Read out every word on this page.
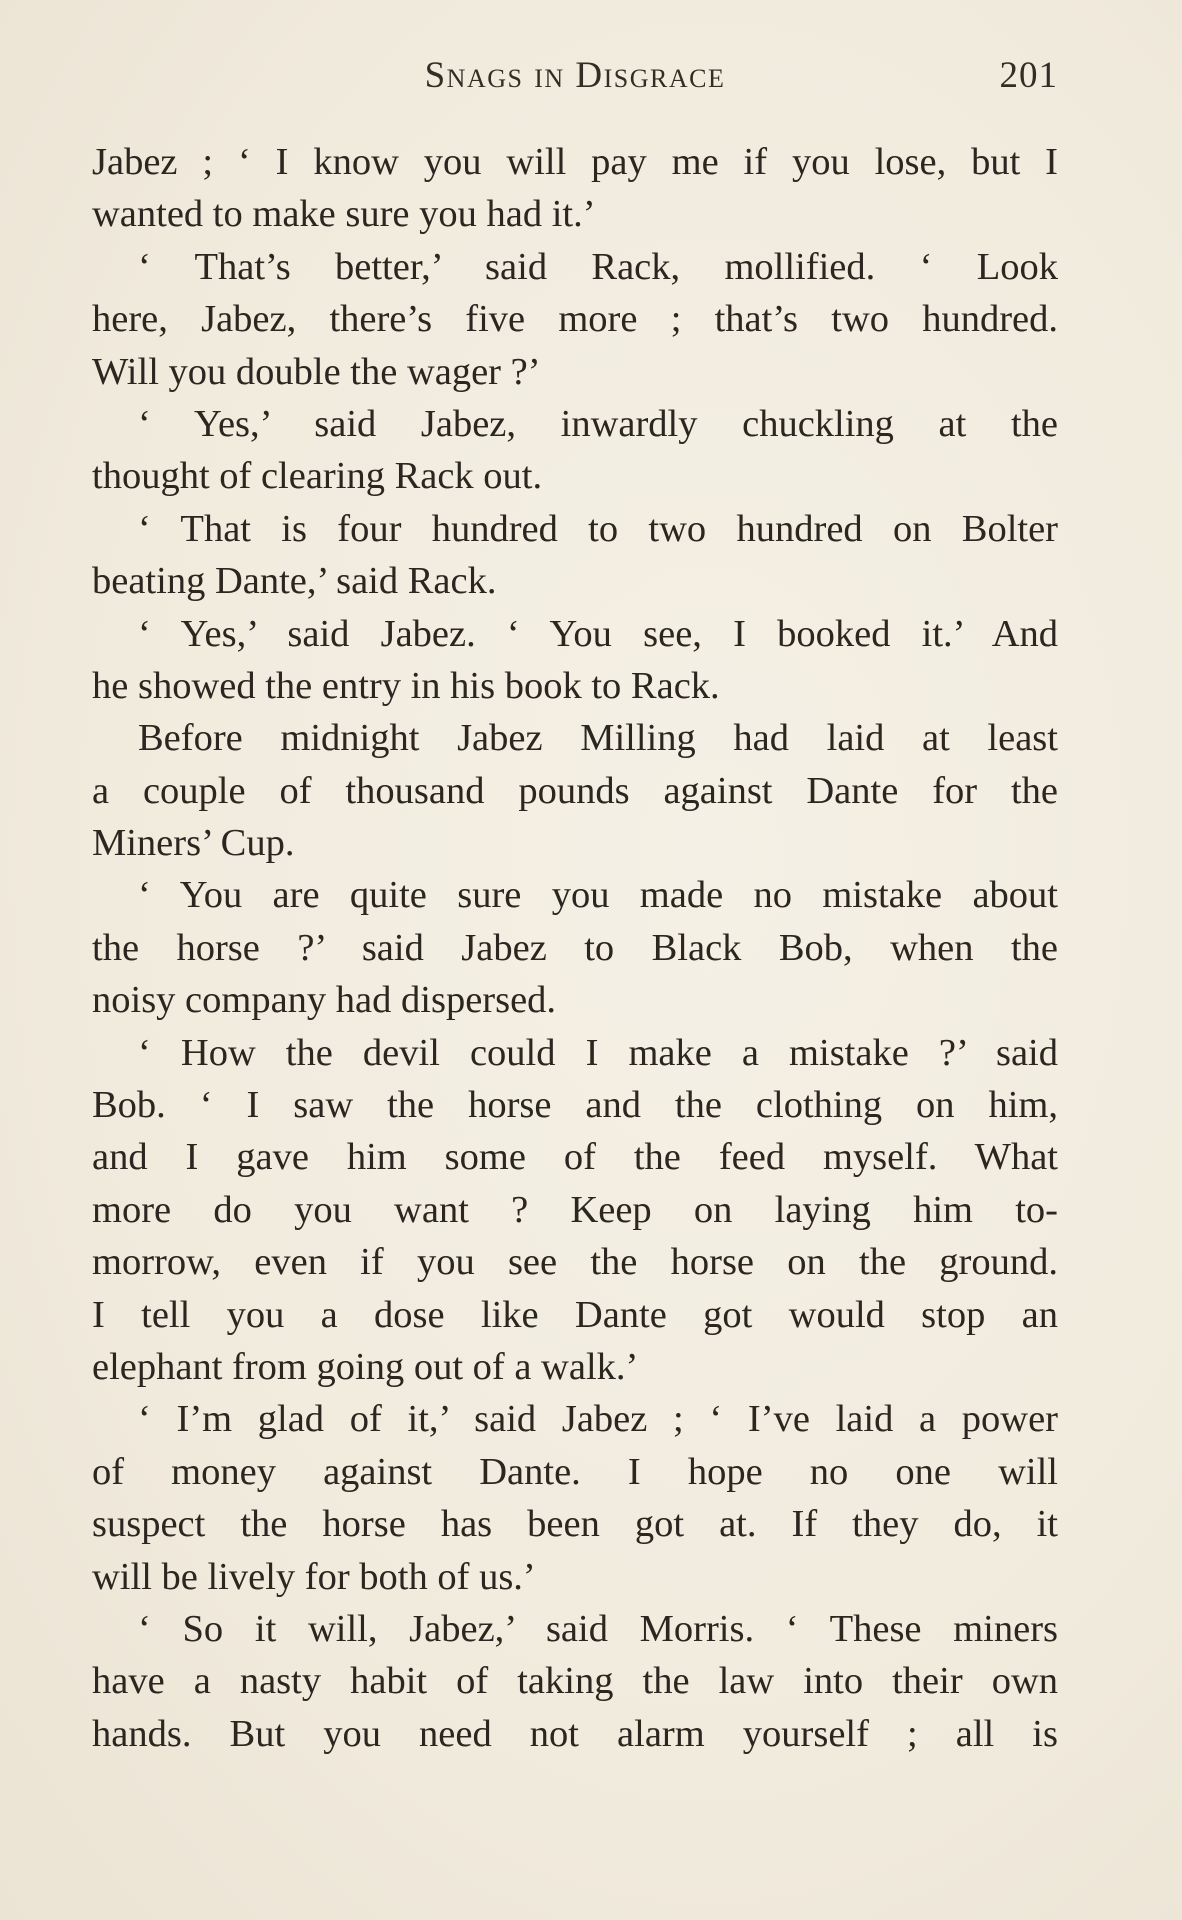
Snags in Disgrace	201
Jabez ; ‘ I know you will pay me if you lose, but I
wanted to make sure you had it.’
‘ That’s better,’ said Rack, mollified. ‘ Look
here, Jabez, there’s five more ; that’s two hundred.
Will you double the wager ?’
‘ Yes,’ said Jabez, inwardly chuckling at the
thought of clearing Rack out.
‘ That is four hundred to two hundred on Bolter
beating Dante,’ said Rack.
‘ Yes,’ said Jabez. ‘ You see, I booked it.’ And
he showed the entry in his book to Rack.
Before midnight Jabez Milling had laid at least
a couple of thousand pounds against Dante for the
Miners’ Cup.
‘ You are quite sure you made no mistake about
the horse ?’ said Jabez to Black Bob, when the
noisy company had dispersed.
‘ How the devil could I make a mistake ?’ said
Bob. ‘ I saw the horse and the clothing on him,
and I gave him some of the feed myself. What
more do you want ? Keep on laying him to-
morrow, even if you see the horse on the ground.
I tell you a dose like Dante got would stop an
elephant from going out of a walk.’
‘ I’m glad of it,’ said Jabez ; ‘ I’ve laid a power
of money against Dante. I hope no one will
suspect the horse has been got at. If they do, it
will be lively for both of us.’
‘ So it will, Jabez,’ said Morris. ‘ These miners
have a nasty habit of taking the law into their own
hands. But you need not alarm yourself ; all is
